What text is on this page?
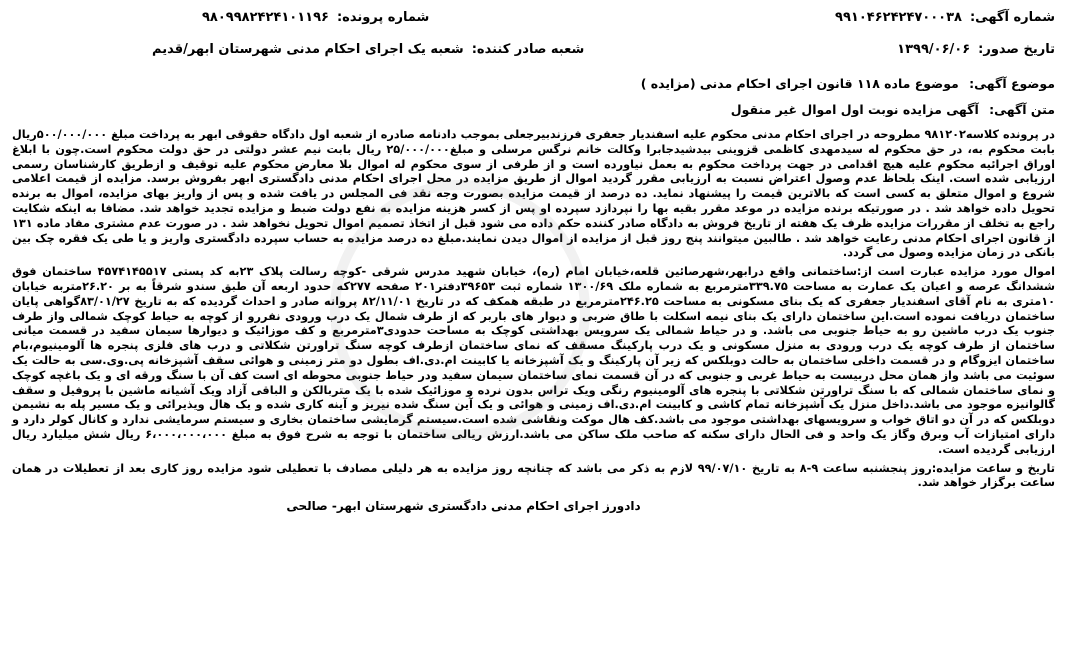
شماره آگهی:
۹۹۱۰۴۶۲۴۲۴۷۰۰۰۳۸
شماره پرونده:
۹۸۰۹۹۸۲۴۲۴۱۰۱۱۹۶
تاریخ صدور:
۱۳۹۹/۰۶/۰۶
شعبه صادر کننده:
شعبه یک اجرای احکام مدنی شهرستان ابهر/قدیم
موضوع آگهی: موضوع ماده ۱۱۸ قانون اجرای احکام مدنی (مزایده )
متن آگهی: آگهی مزایده نوبت اول اموال غیر منقول

در پرونده کلاسه۹۸۱۲۰۲ مطروحه در اجرای احکام مدنی محکوم علیه اسفندیار جعفری فرزندبیرجعلی بموجب دادنامه صادره از شعبه اول دادگاه حقوقی ابهر به پرداخت مبلغ ۵۰۰/۰۰۰/۰۰۰ریال بابت محکوم به، در حق محکوم له سیدمهدی کاظمی قزوینی بیدشیدجابرا وکالت خانم نرگس مرسلی و مبلغ۲۵/۰۰۰/۰۰۰ ریال بابت نیم عشر دولتی در حق دولت محکوم است.چون با ابلاغ اوراق اجرائیه محکوم علیه هیچ اقدامی در جهت پرداخت محکوم به بعمل نیاورده است و از طرفی از سوی محکوم له اموال بلا معارض محکوم علیه توقیف و ازطریق کارشناسان رسمی ارزیابی شده است. اینک بلحاظ عدم وصول اعتراض نسبت به ارزیابی مقرر گردید اموال از طریق مزایده در محل اجرای احکام مدنی دادگستری ابهر بفروش برسد. مزایده از قیمت اعلامی شروع و اموال متعلق به کسی است که بالاترین قیمت را پیشنهاد نماید. ده درصد از قیمت مزایده بصورت وجه نقد فی المجلس در یافت شده و پس از واریز بهای مزایده، اموال به برنده تحویل داده خواهد شد . در صورتیکه برنده مزایده در موعد مقرر بقیه بها را نپردازد سپرده او پس از کسر هزینه مزایده به نفع دولت ضبط و مزایده تجدید خواهد شد. مضافا به اینکه شکایت راجع به تخلف از مقررات مزایده ظرف یک هفته از تاریخ فروش به دادگاه صادر کننده حکم داده می شود قبل از اتخاذ تصمیم اموال تحویل نخواهد شد . در صورت عدم مشتری مفاد ماده ۱۳۱ از قانون اجرای احکام مدنی رعایت خواهد شد . طالبین میتوانند پنج روز قبل از مزایده از اموال دیدن نمایند.مبلغ ده درصد مزایده به حساب سپرده دادگستری واریز و یا طی یک فقره چک بین بانکی در زمان مزایده وصول می گردد.

اموال مورد مزایده عبارت است از:ساختمانی واقع درابهر،شهرصائین قلعه،خیابان امام (ره)، خیابان شهید مدرس شرقی -کوچه رسالت پلاک ۲۳به کد پستی ۴۵۷۴۱۴۵۵۱۷ ساختمان فوق ششدانگ عرصه و اعیان یک عمارت به مساحت ۳۳۹.۷۵مترمربع به شماره ملک ۱۳۰۰/۶۹ شماره ثبت ۳۹۶۵۳دفتر۲۰۱ صفحه ۲۷۷که حدود اربعه آن طبق سندو شرقاً به بر ۲۶.۲۰متربه خیابان ۱۰متری به نام آقای اسفندیار جعفری که یک بنای مسکونی به مساحت ۲۴۶.۲۵مترمربع در طبقه همکف که در تاریخ ۸۲/۱۱/۰۱ پروانه صادر و احداث گردیده که به تاریخ ۸۳/۰۱/۲۷گواهی پایان ساختمان دریافت نموده است.این ساختمان دارای یک بنای نیمه اسکلت با طاق ضربی و دیوار های باربر که از طرف شمال یک درب ورودی نفررو از کوچه به حیاط کوچک شمالی واز طرف جنوب یک درب ماشین رو به حیاط جنوبی می باشد. و در حیاط شمالی یک سرویس بهداشتی کوچک به مساحت حدودی۳مترمربع و کف موزائیک و دیوارها سیمان سفید در قسمت میانی ساختمان از طرف کوچه یک درب ورودی به منزل مسکونی و یک درب پارکینگ مسقف که نمای ساختمان ازطرف کوچه سنگ تراورتن شکلاتی و درب های فلزی پنجره ها آلومینیوم،بام ساختمان ایزوگام و در قسمت داخلی ساختمان به حالت دوبلکس که زیر آن پارکینگ و یک آشپزخانه یا کابینت ام.دی.اف بطول دو متر زمینی و هوائی سقف آشپزخانه پی.وی.سی به حالت یک سوئیت می باشد واز همان محل دربیست به حیاط غربی و جنوبی که در آن قسمت نمای ساختمان سیمان سفید ودر حیاط جنوبی محوطه ای است کف آن با سنگ ورقه ای و یک باغچه کوچک و نمای ساختمان شمالی که با سنگ تراورتن شکلاتی با پنجره های آلومینیوم رنگی ویک تراس بدون نرده و موزائیک شده با یک متربالکن و الباقی آزاد ویک آشیانه ماشین با پروفیل و سقف گالوانیزه موجود می باشد.داخل منزل یک آشپزخانه تمام کاشی و کابینت ام.دی.اف زمینی و هوائی و یک آین سنگ شده نیریز و آینه کاری شده و یک هال ویذیرائی و یک مسیر پله به نشیمن دوبلکس که در آن دو اتاق خواب و سرویسهای بهداشتی موجود می باشد.کف هال موکت ونقاشی شده است.سیستم گرمایشی ساختمان بخاری و سیستم سرمایشی ندارد و کانال کولر دارد و دارای امتیازات آب وبرق وگاز یک واحد و فی الحال دارای سکنه که صاحب ملک ساکن می باشد.ارزش ریالی ساختمان با توجه به شرح فوق به مبلغ ۶،۰۰۰،۰۰۰،۰۰۰ ریال شش میلیارد ریال ارزیابی گردیده است.

تاریخ و ساعت مزایده:روز پنجشنبه ساعت ۹-۸ به تاریخ ۹۹/۰۷/۱۰ لازم به ذکر می باشد که چنانچه روز مزایده به هر دلیلی مصادف با تعطیلی شود مزایده روز کاری بعد از تعطیلات در همان ساعت برگزار خواهد شد.

دادورز اجرای احکام مدنی دادگستری شهرستان ابهر- صالحی
